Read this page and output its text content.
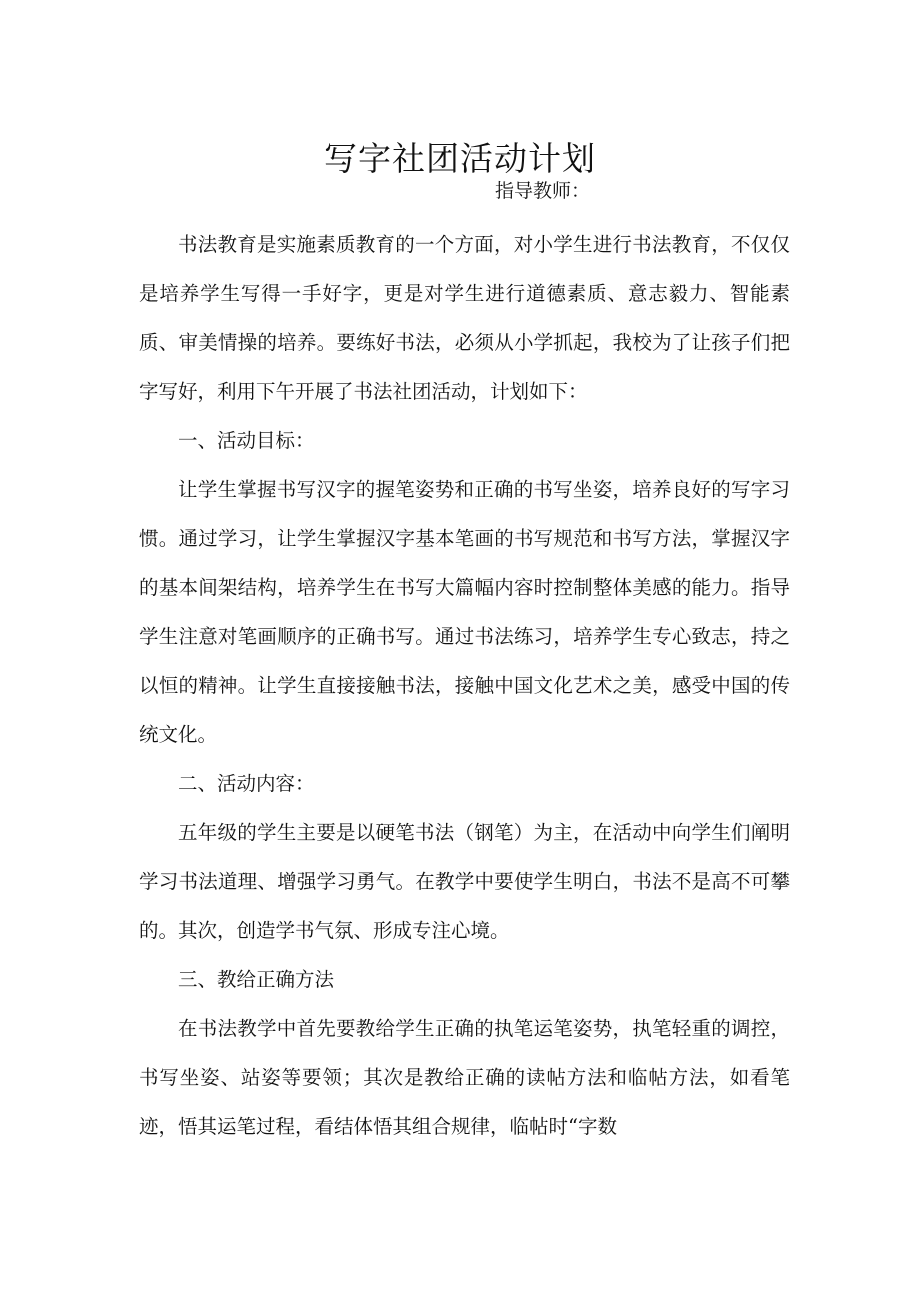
写字社团活动计划
指导教师：

书法教育是实施素质教育的一个方面，对小学生进行书法教育，不仅仅是培养学生写得一手好字，更是对学生进行道德素质、意志毅力、智能素质、审美情操的培养。要练好书法，必须从小学抓起，我校为了让孩子们把字写好，利用下午开展了书法社团活动，计划如下：

一、活动目标：

让学生掌握书写汉字的握笔姿势和正确的书写坐姿，培养良好的写字习惯。通过学习，让学生掌握汉字基本笔画的书写规范和书写方法，掌握汉字的基本间架结构，培养学生在书写大篇幅内容时控制整体美感的能力。指导学生注意对笔画顺序的正确书写。通过书法练习，培养学生专心致志，持之以恒的精神。让学生直接接触书法，接触中国文化艺术之美，感受中国的传统文化。

二、活动内容：

五年级的学生主要是以硬笔书法（钢笔）为主，在活动中向学生们阐明学习书法道理、增强学习勇气。在教学中要使学生明白，书法不是高不可攀的。其次，创造学书气氛、形成专注心境。

三、教给正确方法

在书法教学中首先要教给学生正确的执笔运笔姿势，执笔轻重的调控，书写坐姿、站姿等要领；其次是教给正确的读帖方法和临帖方法，如看笔迹，悟其运笔过程，看结体悟其组合规律，临帖时“字数
